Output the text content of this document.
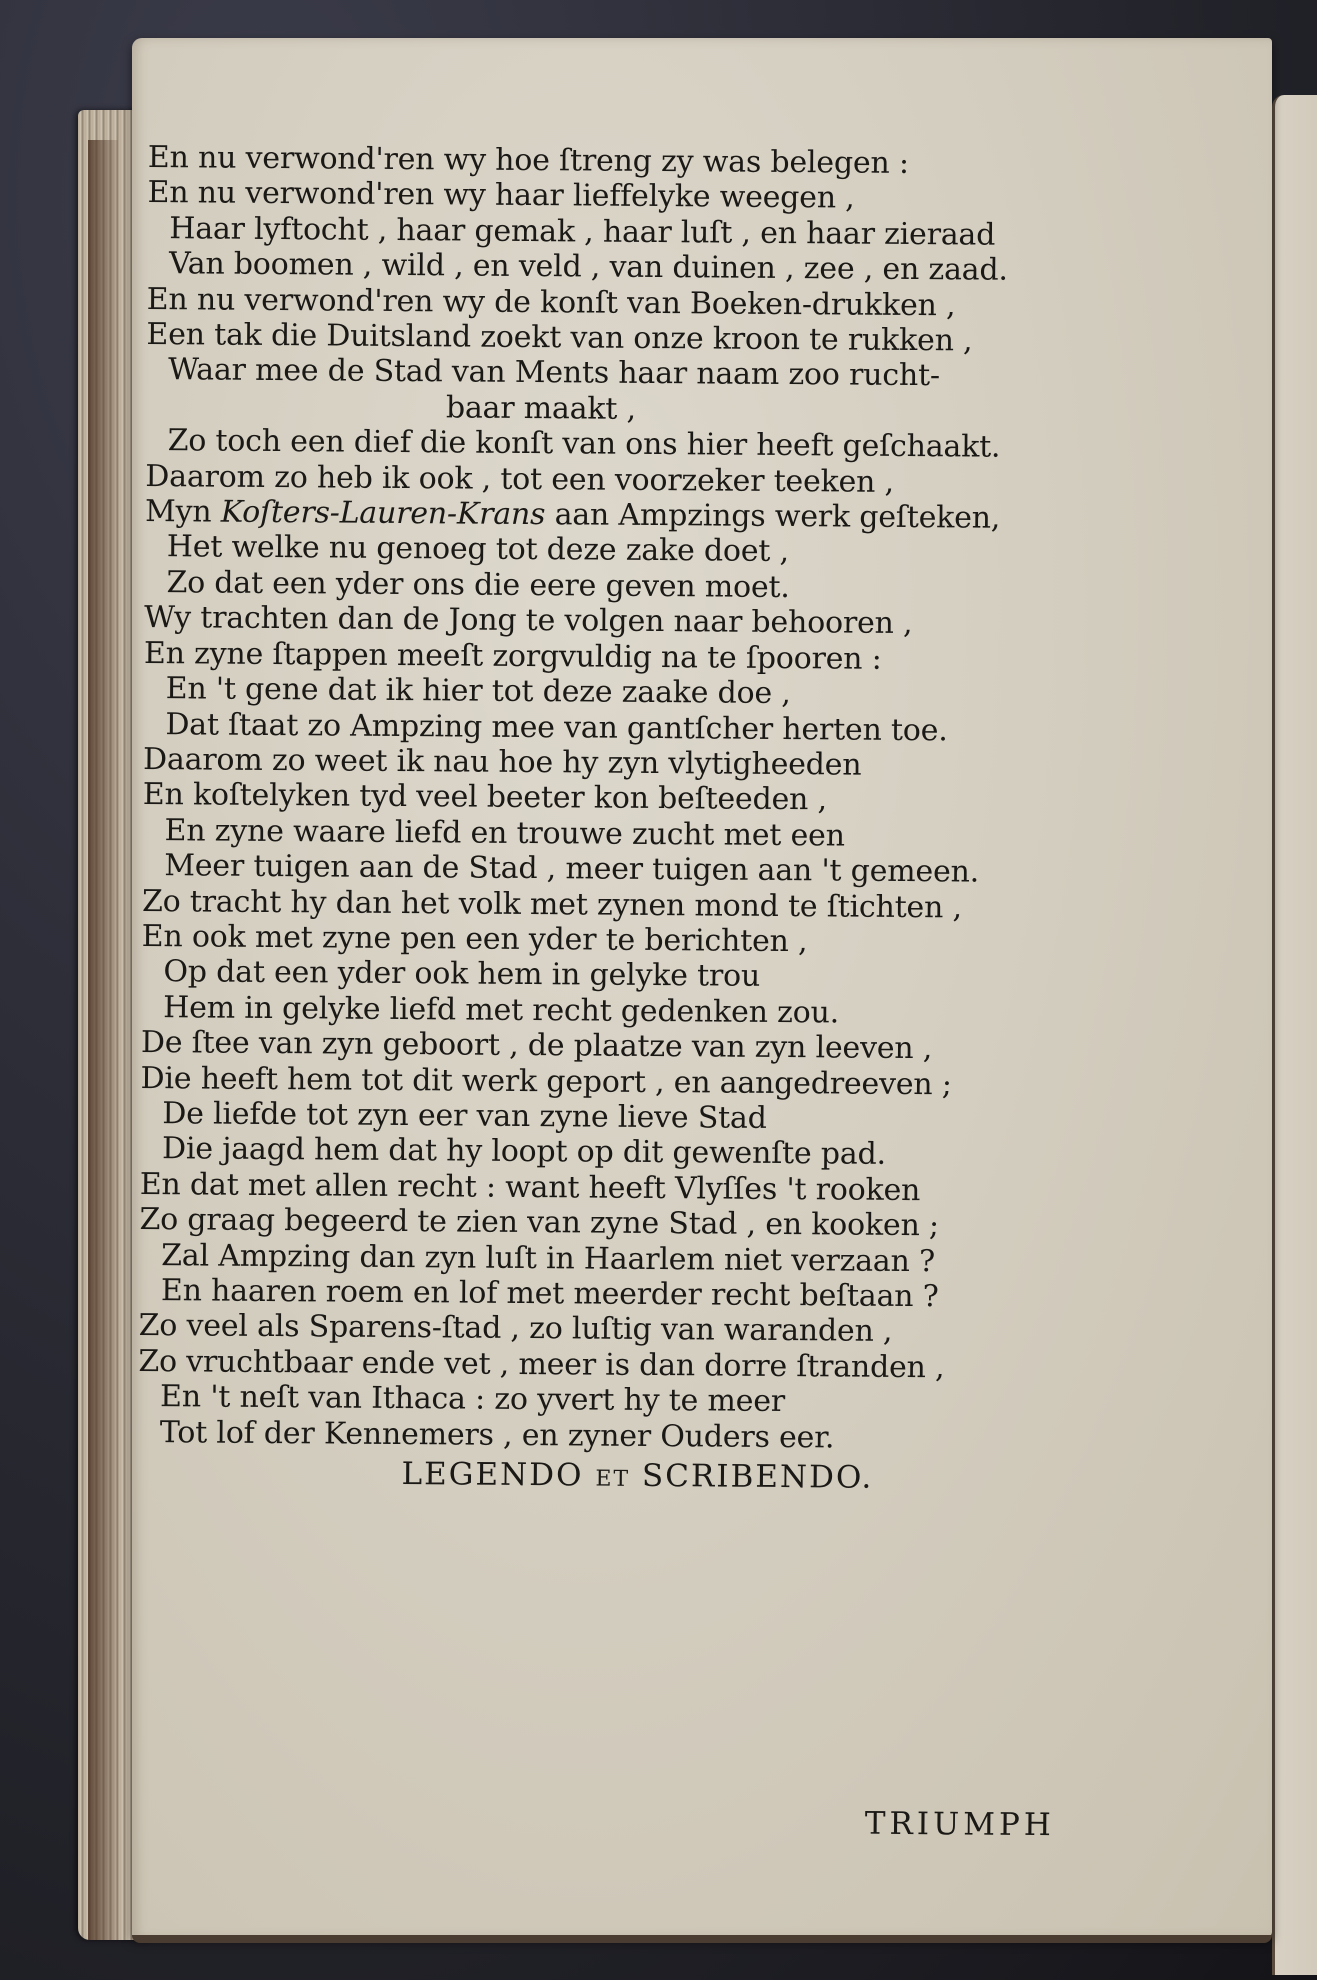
En nu verwond'ren wy hoe ſtreng zy was belegen :
En nu verwond'ren wy haar lieffelyke weegen ,
Haar lyftocht , haar gemak , haar luſt , en haar zieraad
Van boomen , wild , en veld , van duinen , zee , en zaad.
En nu verwond'ren wy de konſt van Boeken-drukken ,
Een tak die Duitsland zoekt van onze kroon te rukken ,
Waar mee de Stad van Ments haar naam zoo rucht-
baar maakt ,
Zo toch een dief die konſt van ons hier heeft geſchaakt.
Daarom zo heb ik ook , tot een voorzeker teeken ,
Myn Koſters-Lauren-Krans aan Ampzings werk geſteken,
Het welke nu genoeg tot deze zake doet ,
Zo dat een yder ons die eere geven moet.
Wy trachten dan de Jong te volgen naar behooren ,
En zyne ſtappen meeſt zorgvuldig na te ſpooren :
En 't gene dat ik hier tot deze zaake doe ,
Dat ſtaat zo Ampzing mee van gantſcher herten toe.
Daarom zo weet ik nau hoe hy zyn vlytigheeden
En koſtelyken tyd veel beeter kon beſteeden ,
En zyne waare liefd en trouwe zucht met een
Meer tuigen aan de Stad , meer tuigen aan 't gemeen.
Zo tracht hy dan het volk met zynen mond te ſtichten ,
En ook met zyne pen een yder te berichten ,
Op dat een yder ook hem in gelyke trou
Hem in gelyke liefd met recht gedenken zou.
De ſtee van zyn geboort , de plaatze van zyn leeven ,
Die heeft hem tot dit werk geport , en aangedreeven ;
De liefde tot zyn eer van zyne lieve Stad
Die jaagd hem dat hy loopt op dit gewenſte pad.
En dat met allen recht : want heeft Vlyſſes 't rooken
Zo graag begeerd te zien van zyne Stad , en kooken ;
Zal Ampzing dan zyn luſt in Haarlem niet verzaan ?
En haaren roem en lof met meerder recht beſtaan ?
Zo veel als Sparens-ſtad , zo luſtig van waranden ,
Zo vruchtbaar ende vet , meer is dan dorre ſtranden ,
En 't neſt van Ithaca : zo yvert hy te meer
Tot lof der Kennemers , en zyner Ouders eer.
LEGENDO ET SCRIBENDO.
TRIUMPH
